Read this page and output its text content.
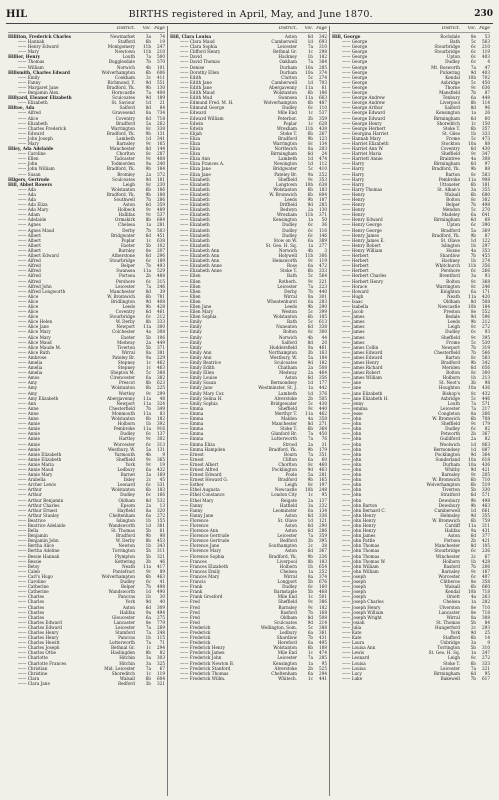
HIL	BIRTHS registered in April, May, and June 1870.	230
District.	Vol. Page
Hilliton, Frederick Charles	Newmarket	3a	74
—— Hannah	Stafford	6b	19
—— Henry Edward	Montgomery	11b	247
—— Mary	Newtown	11b	210
Hillier, Henry	Louth	7a	500
—— Thomas	Bugglesdale	7b	370
—— William	Norwich	4b	101
Hillsmith, Charles Edward	Wolverhampton	6b	606
—— Emily	Cookham	3c	411
—— Fanny	Richmond, Y.	9d	551
—— Margaret Jane	Bradford, Yk.	9b	130
—— Benjamin Alex.	Horncastle	7a	408
Hillyard, Eleanor Elizabeth	Sculcoates	9d	189
—— Elizabeth	St. Saviour	1d	21
Hiltoe, Ada	Salford	8d	84
—— Alfred	Gravesend	8a	734
—— Alice	Coventry	6d	718
—— Elizabeth	Bradford	5a	262
—— Charles Frederick	Warrington	8c	338
—— Edward	Bradford, Yk.	9b	131
—— John Joseph	Lambeth	1d	341
—— Mary	Barnsley	9c	165
Hiley, Ada Adelaide	Manchester	8d	144
—— Caroline	Chorlton	8c	287
—— Ellen	Tadcaster	9c	408
—— John	Todmorden	9a	240
—— John William	Bradford, Yk.	9b	184
—— Susan	Bromley	2a	372
Hilgers, Gertrude	Sculcoates	9d	181
Hill, Abbot Rowers	Leigh	8c	230
—— Ada	Wolstanton	6b	186
—— Ada	Bradford, Yk.	9b	188
—— Ada	Southwell	7b	286
—— Ada Eliza	Aston	6d	359
—— Ada Mary	Holbeck	9c	489
—— Adam	Hallifax	9c	537
—— Adelaide	Ormskirk	8b	684
—— Agnes	Chelsea	1a	281
—— Agnes Maud	Derby	7b	503
—— Albert	Bridgwater	6d	451
—— Albert	Poplar	1c	638
—— Albert	Exeter	5b	102
—— Albert	Burnley	8e	207
—— Albert Edward	Atherstone	6d	296
—— Alfred	Stourbridge	6c	189
—— Alfred	Belper	7b	493
—— Alfred	Swansea	11a	529
—— Alfred	Portsea	2b	488
—— Alfred	Pershore	6c	315
—— Alfred John	Leicester	7a	246
—— Alfred Longworth	Manchester	8d	39
—— Alice	W. Bromwich	6b	781
—— Alice	Bridlington	9d	408
—— Alice	Leeds	9b	428
—— Alice	Coventry	6d	461
—— Alice	Stourbridge	6c	212
—— Alice Helen	W. Derby	8b	333
—— Alice Jane	Newport	11a	300
—— Alice Mary	Colchester	4a	308
—— Alice Mary	Exeter	5b	106
—— Alice Maud	Medway	2a	449
—— Alice Maude M.	Tiverton	5b	371
—— Alice Ruth	Wirral	8a	381
—— Ambrose	Pateley Br.	9a	229
—— Amelia	Stepney	1c	462
—— Amelia	Stepney	1c	463
—— Amelia	Shepton M.	5c	388
—— Amos	Cirencester	6a	382
—— Amy	Prescot	8b	623
—— Amy	Wolstanton	6b	225
—— Amy	Wortley	9c	299
—— Amy Elizabeth	Abergavenny	11a	48
—— Ann	Newport	11a	324
—— Anne	Chesterfield	7b	349
—— Anne	Monmouth	11a	83
—— Anne	Wolstanton	6b	182
—— Annie	Holborn	1b	392
—— Annie	Pembroke	11a	916
—— Annie	Dudley	6c	137
—— Annie	Hartley	9c	302
—— Annie	Worcester	6c	313
—— Annie	Westbury, W.	5a	131
—— Annie Elizabeth	Yarmouth	4b	9
—— Annie Elizabeth	Sheffield	9c	365
—— Annie Maria	York	9c	19
—— Annie Maud	Ledbury	6a	432
—— Annie Mary	Barnet	3a	169
—— Arabella	Ilsley	2c	45
—— Archer Lewis	Leonard	6c	331
—— Arthur	Wolstanton	6b	183
—— Arthur	Dudley	6c	166
—— Arthur Benjamin	Oldham	8d	532
—— Arthur Charles	Epsom	2a	13
—— Arthur Ernest	Hayfield	8a	320
—— Arthur Stanley	Cheltenham	6a	272
—— Beatrice	Islington	1b	155
—— Beatrice Adelaide	Wandsworth	1d	381
—— Bella	St. Thomas	5b	61
—— Benjamin	Bradford	9b	98
—— Benjamin John	W. Derby	8b	453
—— Bertha Alice	Newton	1b	343
—— Bertha Adeline	Torrington	5b	311
—— Bessie Hannah	Plympton	5b	321
—— Bessie	Kettering	3b	46
—— Betsy	Neath	11a	417
—— Caleb	Pontefract	9c	89
—— Carl's Hugo	Wolverhampton	6b	463
—— Caroline	Dudley	6c	41
—— Catherine	Belper	7b	498
—— Catherine	Wandsworth	1d	490
—— Charles	Pancras	1b	30
—— Charles	York	9d	40
—— Charles	Aston	6d	309
—— Charles	Halifax	9a	494
—— Charles	Gloucester	6a	275
—— Charles Edward	Lancaster	8e	779
—— Charles Edward	Leicester	7a	269
—— Charles Henry	Stamford	7a	248
—— Charles Henry	Pancras	1b	115
—— Charles Hewitt	Lutterworth	7a	71
—— Charles Joseph	Bethnal Gr.	1c	294
—— Charles Ottie	Haslingden	8b	82
—— Charlotte	Hitchin	3a	303
—— Charlotte Frances	Hitchin	3a	325
—— Christian	Mid. Leicester	7a	67
—— Christine	Shoreditch	1c	119
—— Clara	Walsall	6b	604
—— Clara Jane	Bedford	3b	321
District.	Vol. Page
Hill, Clara Louisa	Aston	6d	342
—— Clara Maud	Camberwell	1d	693
—— Clara Sophia	Leicester	7a	310
—— Clifford Henry	Bethnal Gr.	1c	298
—— David	Hackney	1b	182
—— David Thomas	Oakham	7a	384
—— Denise	Durham	10a	285
—— Dorothy Ellen	Durham	10a	374
—— Edith	Clutton	5c	274
—— Edith Jane	Camberwell	1d	703
—— Edith Jane	Abergavenny	11a	61
—— Edith Maud	Wolstanton	6b	186
—— Edith Mud	Swansea	11a	663
—— Edmund Fred. M. H.	Wolverhampton	6b	487
—— Edmund George	Dudley	6c	110
—— Edward	Mile End	1c	537
—— Edward William	Peterbor.	3b	359
—— Edwin	Poplar	1c	628
—— Edwin	Wrexham	11b	438
—— Elijah	Stoke T.	6b	267
—— Eliza	Bradford	9b	123
—— Eliza	Warrington	8c	134
—— Eliza	Northwich	8a	203
—— Eliza	Birmingham	6d	24
—— Eliza Ann	Lambeth	1d	474
—— Eliza Frances A.	Newington	1d	112
—— Eliza Jane	Bridgwater	5c	410
—— Eliza Jane	Pateley Br.	9a	252
—— Elizabeth	Sheffield	9c	353
—— Elizabeth	Longtown	10b	638
—— Elizabeth	Wolstanton	6b	183
—— Elizabeth	W. Bromwich	6b	804
—— Elizabeth	Leeds	9b	187
—— Elizabeth	Driffield	9d	285
—— Elizabeth	Bedwyn	2a	130
—— Elizabeth	Wrexham	11b	371
—— Elizabeth	Kensington	1a	50
—— Elizabeth	Dudley	6c	36
—— Elizabeth	Dudley	6c	116
—— Elizabeth	Dudley	6c	146
—— Elizabeth	Stow on W.	6a	389
—— Elizabeth	St. Geo. H. Sq.	1a	277
—— Elizabeth Ann	Norwich	4b	3
—— Elizabeth Ann	Holywell	11b	306
—— Elizabeth Ann	Hemsworth	9c	119
—— Elizabeth Anne	Ross	6a	472
—— Elizabeth Anne	Stoke T.	6b	333
—— Ellen	Bath	5c	564
—— Ellen	Rotherh.	9c	221
—— Ellen	Leicester	7a	223
—— Ellen	Derby	7b	440
—— Ellen	Wirral	8a	301
—— Ellen	Wheatenhurst	6a	283
—— Ellen Jane	Leeds	9b	290
—— Ellen Mary	Weston	5c	399
—— Ellen Sophia	Wolstanton	6b	185
—— Emily	Bath	5c	613
—— Emily	Nuneaton	6d	338
—— Emily	Bolton	8c	300
—— Emily	Norwich	4b	44
—— Emily	Salford	8d	20
—— Emily	Huddersfield	9a	461
—— Emily Ann	Northampton	3b	163
—— Emily Ann	Westbury, W.	5a	184
—— Emily Beatrice	Sculcoates	9d	182
—— Emily Edith	Chatham	2a	508
—— Emily Ellen	Medway	2a	464
—— Emily Louise	Aston	6d	356
—— Emily Susan	Bermondsey	1d	177
—— Emily Jane	Westminster, St. J.	1a	442
—— Emily Mary Cox	Lambeth	1d	376
—— Emily Selina H.	Alverstoke	2b	505
—— Emily Sophia	Bridgewater	5c	430
—— Emma	Sheffield	9c	440
—— Emma	Merthyr T.	11a	462
—— Emma	Maldon	4a	358
—— Emma	Manchester	8d	271
—— Emma	Stoke T.	6b	368
—— Emma	Glanford Br.	7a	450
—— Emma	Lutterworth	7a	76
—— Emma Eliza	Strood	2a	31
—— Emma Hampden	Bradford, Yk.	9b	179
—— Ernest	Bourn	7a	351
—— Ernest	Clifton	6a	60
—— Ernest Albert	Chorlton	8c	460
—— Ernest Alfred	Pocklington	9d	463
—— Ernest Edward	Poole	5a	281
—— Ernest Howard G.	Bradford	9b	165
—— Esther	Leigh	8c	197
—— Ethel Augusta	Newcastle	10b	248
—— Ethel Constance	London City	1c	95
—— Ethel Mary	Reigate	2a	137
—— Fanny	Hatfield	3a	232
—— Fanny	Leominster	6a	134
—— Fanny Jane	Aston	6d	336
—— Florence	St. Olave	1d	121
—— Florence	Aston	6d	290
—— Florence Ann	Aston	6d	286
—— Florence Gertrude	Leicester	7a	359
—— Florence Gertrude	Bedford	3b	395
—— Florence Jane	Southampton	2c	38
—— Florence Mary	Aston	6d	367
—— Florence Sophia	Bradford, Yk.	9b	236
—— Frances	Liverpool	8b	183
—— Frances Elizabeth	Holborn	1b	654
—— Frances Emily	Chelsea	1a	252
—— Frances Mary	Wirral	8a	374
—— Francis	Longport	5b	676
—— Frank	Dudley	6c	160
—— Frank	Barnstaple	5b	468
—— Frank Grosford	Mile End	1c	501
—— Fred	Sheffield	9c	386
—— Fred	Barnsley	9c	182
—— Fred	Basford	7b	168
—— Fred	Oldham	8d	508
—— Fred	Sculcoates	9d	214
—— Frederick	Wellington, Som.	5c	388
—— Frederick	Ledbury	6a	361
—— Frederick	Shardlow	7b	431
—— Frederick	Hereford	6a	495
—— Frederick Henry	Wolstanton	6b	188
—— Frederick James	Mile End	1c	474
—— Frederick John	Leicester	7a	285
—— Frederick Newton B.	Kensington	1a	95
—— Frederick Stanford	Alverstoke	2b	525
—— Frederick Thomas	Cheltenham	6a	294
—— Frederick Willm.	Whitech.	1c	441
District.	Vol. Page
Hill, George	Rochdale	8e	53
—— George	Bath	5c	563
—— George	Stourbridge	6c	210
—— George	Stourbridge	6c	119
—— George	Upton	6c	403
—— George	Dudley	6c	4
—— George	Mt. Bosworth	7a	47
—— George	Pickering	9d	403
—— George	Kendal	10b	702
—— George	Axbridge	5c	450
—— George	Thorne	9c	636
—— George	Mansfield	7b	87
—— George Andrew	Tenbury	6a	448
—— George Andrew	Liverpool	8b	114
—— George Arthur	Salford	8d	96
—— George Edward	Kensington	1a	26
—— George Edward	Birmingham	6d	60
—— George Henry	Shoreditch	1c	150
—— George Herbert	Stoke T.	6b	357
—— Georgina Harriet	St. Giles	1b	333
—— Hannah Mary	Frome	5c	473
—— Harriet Elizabeth	Stockton	10a	88
—— Harriet Ann W.	Coventry	6d	430
—— Harriet Maria	Sheffield	9c	347
—— Harriett Annie	Braintree	4a	308
—— Harry	Birmingham	6d	97
—— Harry	Bradford, Yk.	9b	88
—— Harry	Barton	8c	583
—— Harry	Pembroke	11a	908
—— Harry	Uttoxeter	6b	181
—— Harry Thomas	St. Alban's	3a	355
—— Henry	Walsall	6b	680
—— Henry	Bolton	8c	302
—— Henry	Belper	7b	498
—— Henry	Mendon	5c	270
—— Henry	Madeley	6a	641
—— Henry Edward	Birmingham	6d	68
—— Henry George	Upton	6c	390
—— Henry George	Bradford	5a	369
—— Henry James	Bradford, Yk.	9b	87
—— Henry James E.	St. Olave	1d	122
—— Henry Robert	Islington	1b	297
—— Henry William	Hoxne	4a	353
—— Herbert	Shardlow	7b	455
—— Herbert	Hackney	1b	274
—— Herbert	Whitchurch	11b	356
—— Herbert	Pershore	6c	266
—— Herbert Charles	Brentford	3a	93
—— Herbert Henry	Bolton	8c	368
—— Horace	Warrington	8c	246
—— Howard	Knighton	6a	171
—— Hugh	Neath	11a	420
—— Isaac	Oldham	8d	508
—— Isabella	Newcastle	10b	184
—— Jacob	Preston	8e	552
—— James	Bedale	9d	596
—— James	Leeds	9b	212
—— James	Leigh	8c	272
—— James	Dudley	6c	93
—— James	Sheffield	9c	395
—— James	Frome	5c	530
—— James Collin	Newport	7b	319
—— James Edward	Chesterfield	7b	566
—— James Edward	Barton	8c	583
—— James Henry	Bradford	9b	342
—— James Richard	Meriden	6d	656
—— James Robert	Bolton	8c	300
—— James William	Holborn	1b	213
—— Jane	St. Neot's	3b	98
—— Jane	Houghton	10a	436
—— Jane Elizabeth	Bishop's	8c	432
—— Jane Elizabeth H.	Axbridge	5c	446
—— Jenny	Louth	7a	571
—— Jemima	Leicester	7a	217
—— Jesse	Congleton	8a	266
—— John	W. Bromwich	6b	708
—— John	Sheffield	9c	179
—— John	Dudley	6c	82
—— John	Petworth	2b	367
—— John	Guildford	2a	82
—— John	Woolwich	1d	863
—— John	Bermondsey	1d	887
—— John	Pocklington	9d	364
—— John	Sunderland	10a	618
—— John	Durham	10a	436
—— John	Whitby	9d	421
—— John	Barnsley	9c	205
—— John	W. Bromwich	6b	710
—— John	Wolverhampton	6b	519
—— John	Tiverton	5b	330
—— John	Stratford	6d	571
—— John	Dewsbury	9b	498
—— John Barton	Dewsbury	9b	463
—— John Bernard C.	Camberwell	1d	661
—— John Henry	Helmsley	9d	355
—— John Henry	W. Bromwich	6b	759
—— John Henry	Cardiff	11a	311
—— John Henry	Halifax	9a	431
—— John James	Aston	6d	377
—— John Pattle	Portsea	2b	421
—— John Thomas	Manchester	8d	105
—— John Thomas	Stourbridge	6c	236
—— John Thomas	Winchester	2c	67
—— John Thomas W.	Holborn	1b	428
—— John William	Basford	7b	206
—— John William	Barnsley	9c	167
—— Joseph	Worcester	6c	407
—— Joseph	Clitheroe	8e	358
—— Joseph	Walsall	6b	660
—— Joseph	Kendal	10b	718
—— Joseph	Orsett	4a	263
—— Joseph Charles	Chelsea	1a	282
—— Joseph Henry	Ulverston	8e	710
—— Joseph William	Lancaster	8e	718
—— Joseph Wright	Wirral	8a	308
—— Josiah	St. Thomas	5b	84
—— Julia	Hungerford	2c	293
—— Kate	York	9d	25
—— Kate	Stafford	6b	14
—— Laura	Uxbridge	3a	9
—— Louisa Ann	Torrington	5b	310
—— Lewis	St. Geo. H. Sq.	1a	247
—— Leonard	Leigh	8c	272
—— Louisa	Stoke T.	6b	333
—— Louisa	Leicester	7a	221
—— Lucy	Birmingham	6d	95
—— Luke	Bakewell	7b	617
